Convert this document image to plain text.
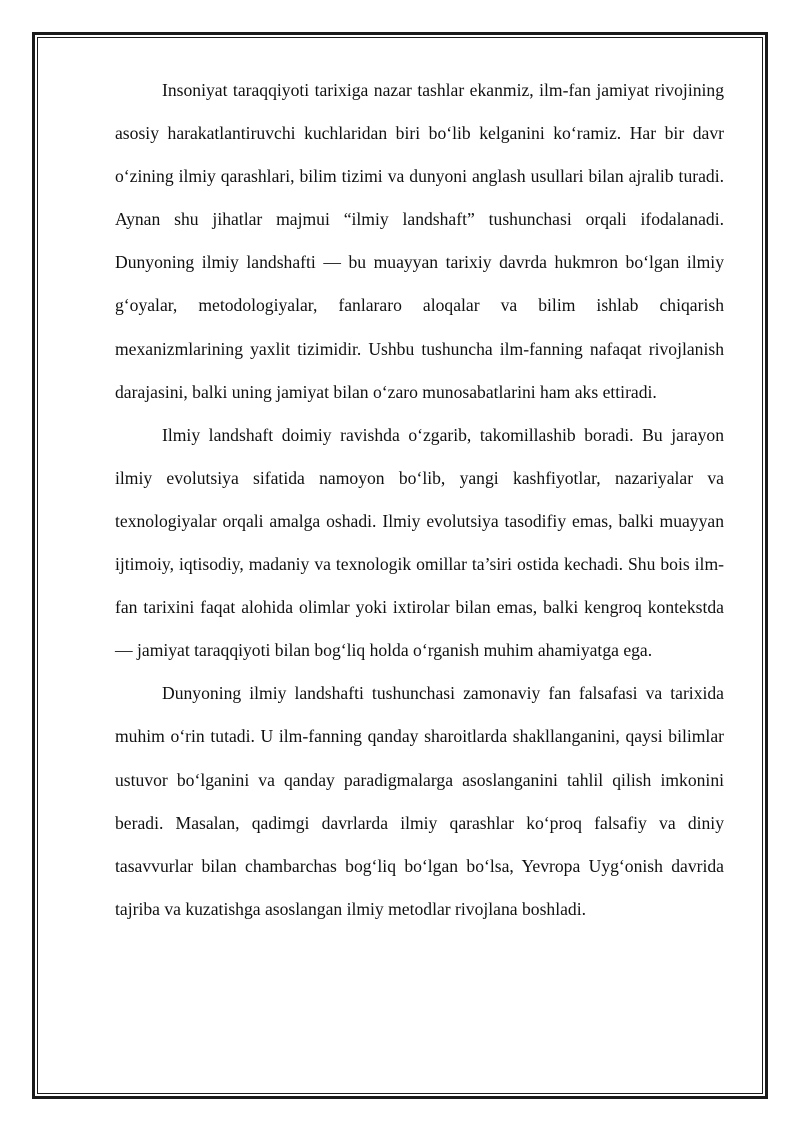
Insoniyat taraqqiyoti tarixiga nazar tashlar ekanmiz, ilm-fan jamiyat rivojining asosiy harakatlantiruvchi kuchlaridan biri bo‘lib kelganini ko‘ramiz. Har bir davr o‘zining ilmiy qarashlari, bilim tizimi va dunyoni anglash usullari bilan ajralib turadi. Aynan shu jihatlar majmui “ilmiy landshaft” tushunchasi orqali ifodalanadi. Dunyoning ilmiy landshafti — bu muayyan tarixiy davrda hukmron bo‘lgan ilmiy g‘oyalar, metodologiyalar, fanlararo aloqalar va bilim ishlab chiqarish mexanizmlarining yaxlit tizimidir. Ushbu tushuncha ilm-fanning nafaqat rivojlanish darajasini, balki uning jamiyat bilan o‘zaro munosabatlarini ham aks ettiradi.

Ilmiy landshaft doimiy ravishda o‘zgarib, takomillashib boradi. Bu jarayon ilmiy evolutsiya sifatida namoyon bo‘lib, yangi kashfiyotlar, nazariyalar va texnologiyalar orqali amalga oshadi. Ilmiy evolutsiya tasodifiy emas, balki muayyan ijtimoiy, iqtisodiy, madaniy va texnologik omillar ta’siri ostida kechadi. Shu bois ilm-fan tarixini faqat alohida olimlar yoki ixtirolar bilan emas, balki kengroq kontekstda — jamiyat taraqqiyoti bilan bog‘liq holda o‘rganish muhim ahamiyatga ega.

Dunyoning ilmiy landshafti tushunchasi zamonaviy fan falsafasi va tarixida muhim o‘rin tutadi. U ilm-fanning qanday sharoitlarda shakllanganini, qaysi bilimlar ustuvor bo‘lganini va qanday paradigmalarga asoslanganini tahlil qilish imkonini beradi. Masalan, qadimgi davrlarda ilmiy qarashlar ko‘proq falsafiy va diniy tasavvurlar bilan chambarchas bog‘liq bo‘lgan bo‘lsa, Yevropa Uyg‘onish davrida tajriba va kuzatishga asoslangan ilmiy metodlar rivojlana boshladi.
